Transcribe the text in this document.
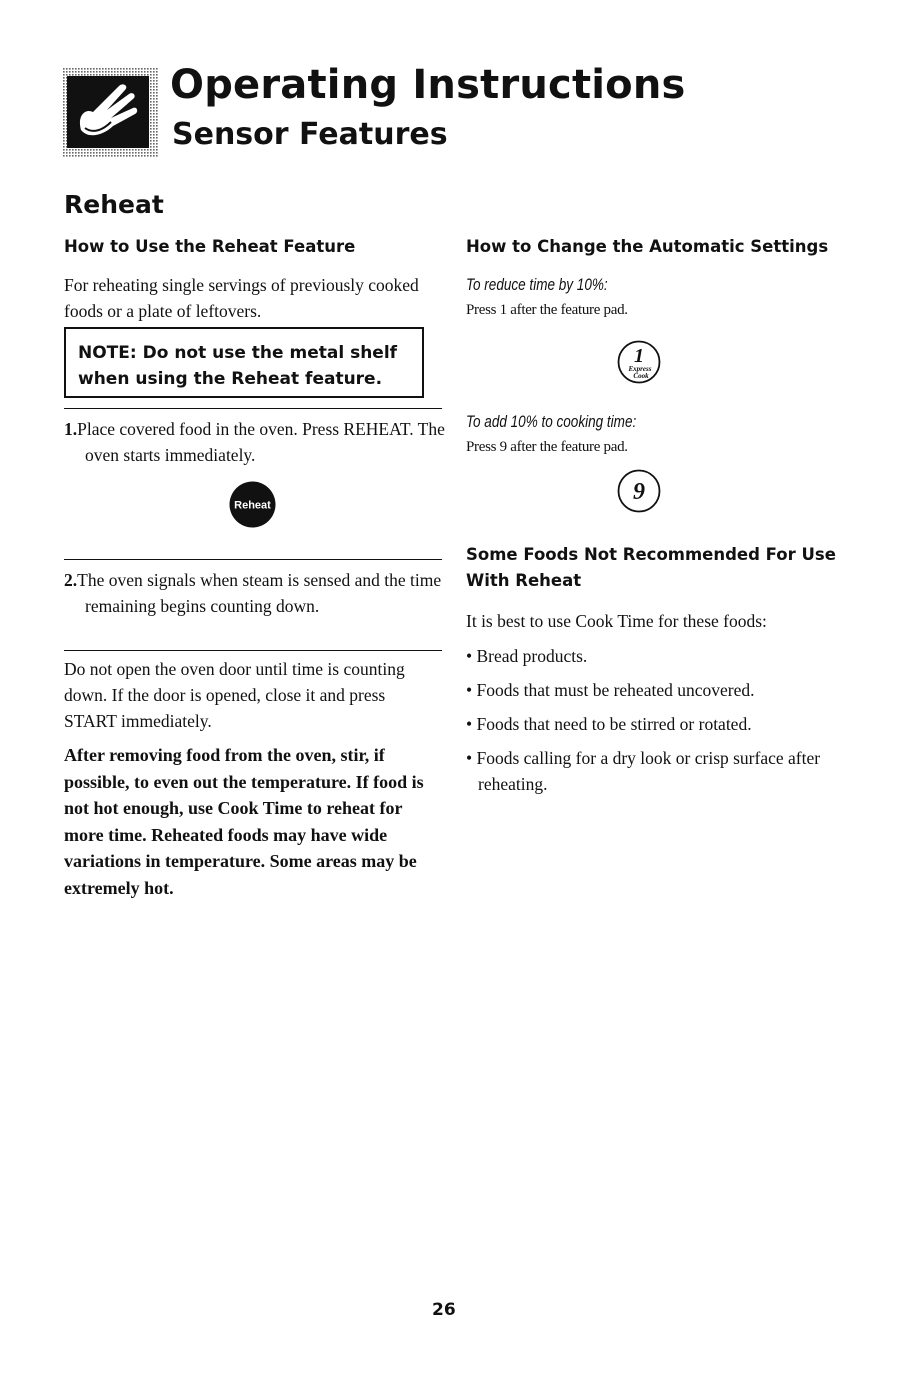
Operating Instructions
Sensor Features
Reheat
How to Use the Reheat Feature
For reheating single servings of previously cooked foods or a plate of leftovers.
NOTE: Do not use the metal shelf when using the Reheat feature.
1.Place covered food in the oven. Press REHEAT. The oven starts immediately.
Reheat
2.The oven signals when steam is sensed and the time remaining begins counting down.
Do not open the oven door until time is counting down. If the door is opened, close it and press START immediately.
After removing food from the oven, stir, if possible, to even out the temperature. If food is not hot enough, use Cook Time to reheat for more time. Reheated foods may have wide variations in temperature. Some areas may be extremely hot.
How to Change the Automatic Settings
To reduce time by 10%:
Press 1 after the feature pad.
1
Express
Cook
To add 10% to cooking time:
Press 9 after the feature pad.
9
Some Foods Not Recommended For Use With Reheat
It is best to use Cook Time for these foods:
• Bread products.
• Foods that must be reheated uncovered.
• Foods that need to be stirred or rotated.
• Foods calling for a dry look or crisp surface after reheating.
26
